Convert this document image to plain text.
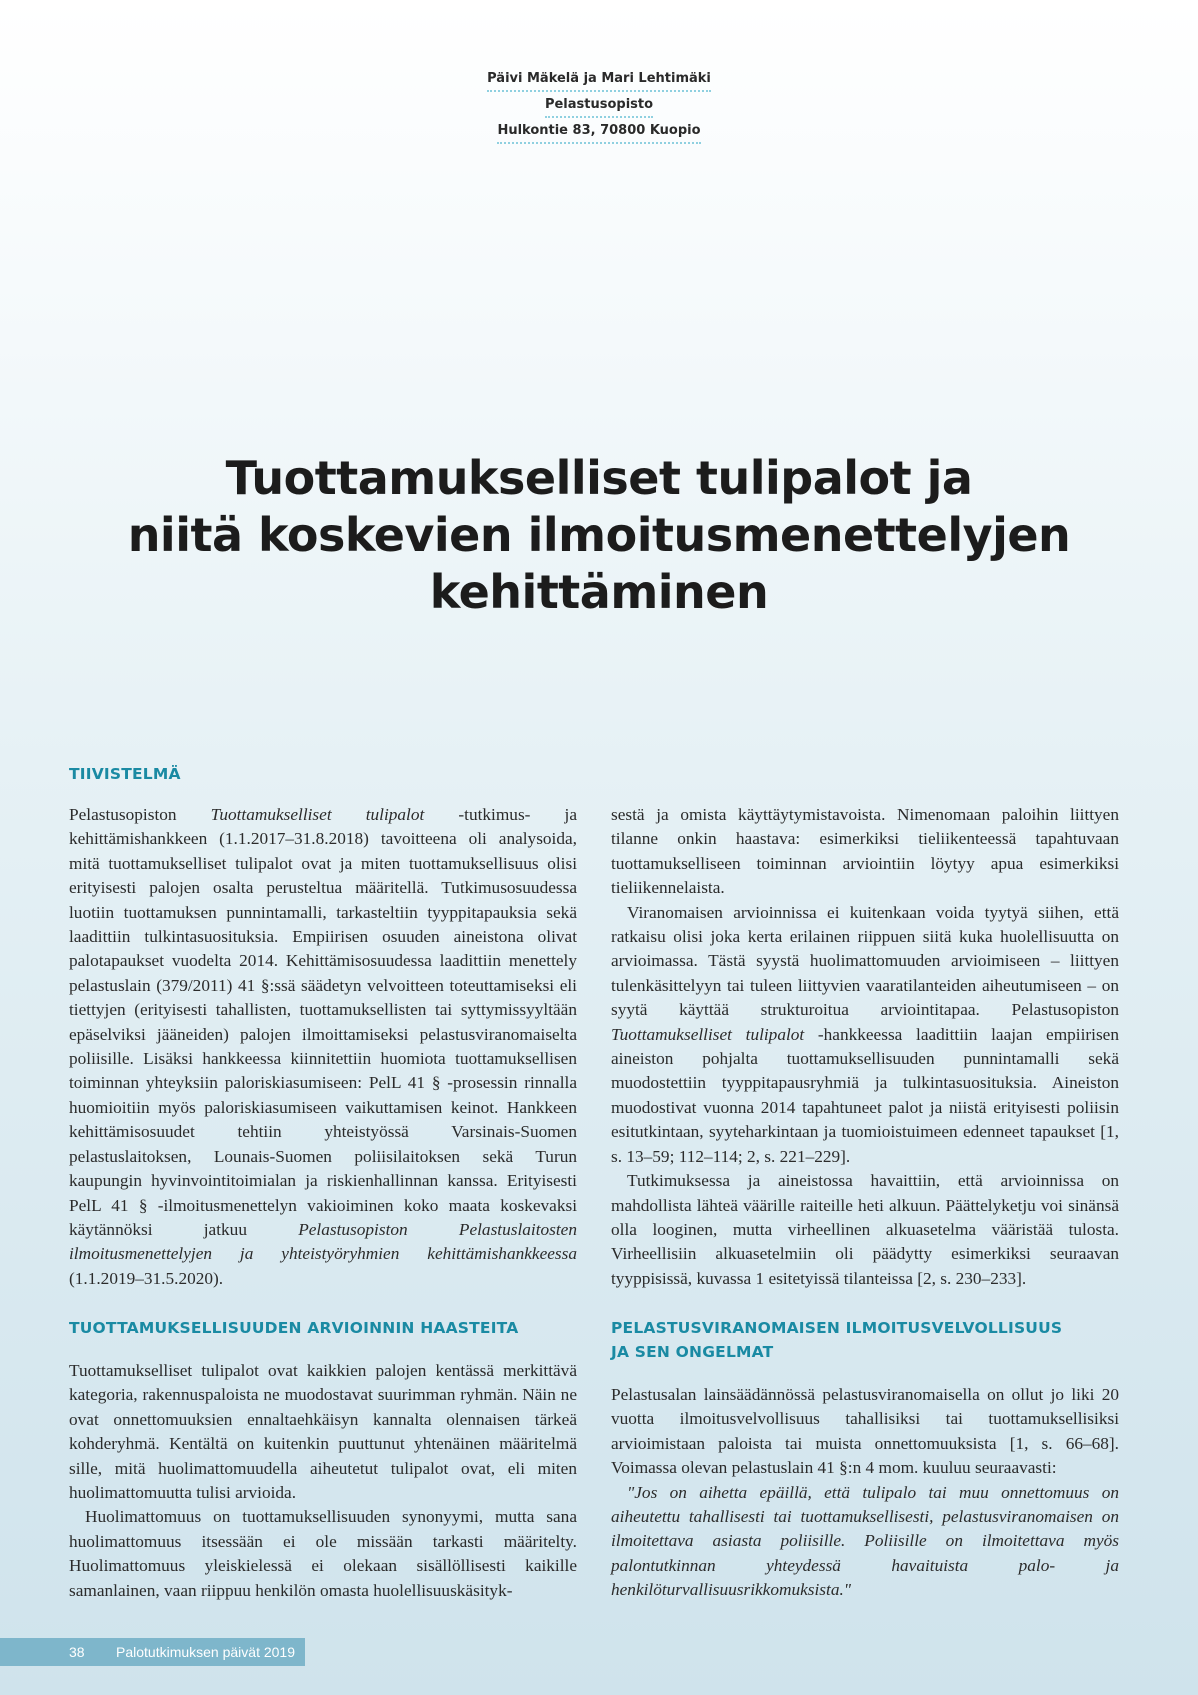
Päivi Mäkelä ja Mari Lehtimäki
Pelastusopisto
Hulkontie 83, 70800 Kuopio
Tuottamukselliset tulipalot ja
niitä koskevien ilmoitusmenettelyjen
kehittäminen
TIIVISTELMÄ

Pelastusopiston Tuottamukselliset tulipalot -tutkimus- ja kehittämishankkeen (1.1.2017–31.8.2018) tavoitteena oli analysoida, mitä tuottamukselliset tulipalot ovat ja miten tuottamuksellisuus olisi erityisesti palojen osalta perusteltua määritellä. Tutkimusosuudessa luotiin tuottamuksen punnintamalli, tarkasteltiin tyyppitapauksia sekä laadittiin tulkintasuosituksia. Empiirisen osuuden aineistona olivat palotapaukset vuodelta 2014. Kehittämisosuudessa laadittiin menettely pelastuslain (379/2011) 41 §:ssä säädetyn velvoitteen toteuttamiseksi eli tiettyjen (erityisesti tahallisten, tuottamuksellisten tai syttymissyyltään epäselviksi jääneiden) palojen ilmoittamiseksi pelastusviranomaiselta poliisille. Lisäksi hankkeessa kiinnitettiin huomiota tuottamuksellisen toiminnan yhteyksiin paloriskiasumiseen: PelL 41 § -prosessin rinnalla huomioitiin myös paloriskiasumiseen vaikuttamisen keinot. Hankkeen kehittämisosuudet tehtiin yhteistyössä Varsinais-Suomen pelastuslaitoksen, Lounais-Suomen poliisilaitoksen sekä Turun kaupungin hyvinvointitoimialan ja riskienhallinnan kanssa. Erityisesti PelL 41 § -ilmoitusmenettelyn vakioiminen koko maata koskevaksi käytännöksi jatkuu Pelastusopiston Pelastuslaitosten ilmoitusmenettelyjen ja yhteistyöryhmien kehittämishankkeessa (1.1.2019–31.5.2020).

TUOTTAMUKSELLISUUDEN ARVIOINNIN HAASTEITA

Tuottamukselliset tulipalot ovat kaikkien palojen kentässä merkittävä kategoria, rakennuspaloista ne muodostavat suurimman ryhmän. Näin ne ovat onnettomuuksien ennaltaehkäisyn kannalta olennaisen tärkeä kohderyhmä. Kentältä on kuitenkin puuttunut yhtenäinen määritelmä sille, mitä huolimattomuudella aiheutetut tulipalot ovat, eli miten huolimattomuutta tulisi arvioida.

Huolimattomuus on tuottamuksellisuuden synonyymi, mutta sana huolimattomuus itsessään ei ole missään tarkasti määritelty. Huolimattomuus yleiskielessä ei olekaan sisällöllisesti kaikille samanlainen, vaan riippuu henkilön omasta huolellisuuskäsityk-

sestä ja omista käyttäytymistavoista. Nimenomaan paloihin liittyen tilanne onkin haastava: esimerkiksi tieliikenteessä tapahtuvaan tuottamukselliseen toiminnan arviointiin löytyy apua esimerkiksi tieliikennelaista.

Viranomaisen arvioinnissa ei kuitenkaan voida tyytyä siihen, että ratkaisu olisi joka kerta erilainen riippuen siitä kuka huolellisuutta on arvioimassa. Tästä syystä huolimattomuuden arvioimiseen – liittyen tulenkäsittelyyn tai tuleen liittyvien vaaratilanteiden aiheutumiseen – on syytä käyttää strukturoitua arviointitapaa. Pelastusopiston Tuottamukselliset tulipalot -hankkeessa laadittiin laajan empiirisen aineiston pohjalta tuottamuksellisuuden punnintamalli sekä muodostettiin tyyppitapausryhmiä ja tulkintasuosituksia. Aineiston muodostivat vuonna 2014 tapahtuneet palot ja niistä erityisesti poliisin esitutkintaan, syyteharkintaan ja tuomioistuimeen edenneet tapaukset [1, s. 13–59; 112–114; 2, s. 221–229].

Tutkimuksessa ja aineistossa havaittiin, että arvioinnissa on mahdollista lähteä väärille raiteille heti alkuun. Päättelyketju voi sinänsä olla looginen, mutta virheellinen alkuasetelma vääristää tulosta. Virheellisiin alkuasetelmiin oli päädytty esimerkiksi seuraavan tyyppisissä, kuvassa 1 esitetyissä tilanteissa [2, s. 230–233].

PELASTUSVIRANOMAISEN ILMOITUSVELVOLLISUUS
JA SEN ONGELMAT

Pelastusalan lainsäädännössä pelastusviranomaisella on ollut jo liki 20 vuotta ilmoitusvelvollisuus tahallisiksi tai tuottamuksellisiksi arvioimistaan paloista tai muista onnettomuuksista [1, s. 66–68]. Voimassa olevan pelastuslain 41 §:n 4 mom. kuuluu seuraavasti:

"Jos on aihetta epäillä, että tulipalo tai muu onnettomuus on aiheutettu tahallisesti tai tuottamuksellisesti, pelastusviranomaisen on ilmoitettava asiasta poliisille. Poliisille on ilmoitettava myös palontutkinnan yhteydessä havaituista palo- ja henkilöturvallisuusrikkomuksista."

38 Palotutkimuksen päivät 2019
